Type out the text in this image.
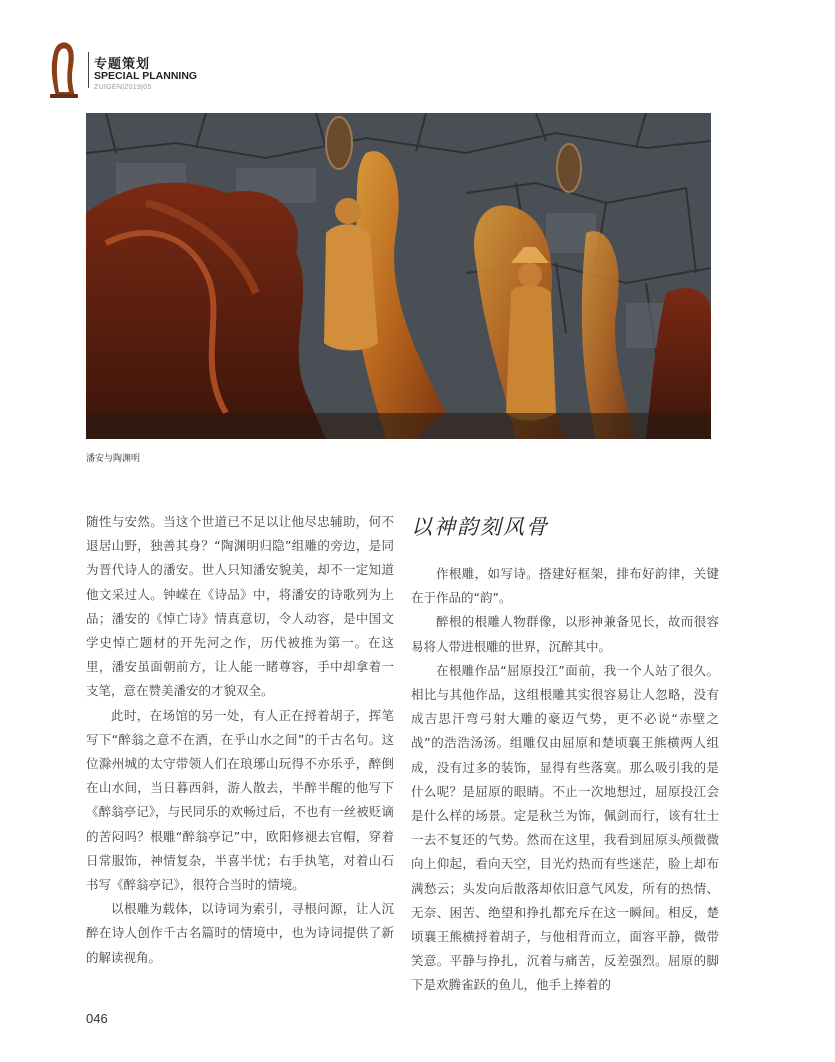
专题策划
SPECIAL PLANNING
ZUIGEN|2019|05
潘安与陶渊明

随性与安然。当这个世道已不足以让他尽忠辅助，何不退居山野，独善其身？“陶渊明归隐”组雕的旁边，是同为晋代诗人的潘安。世人只知潘安貌美，却不一定知道他文采过人。钟嵘在《诗品》中，将潘安的诗歌列为上品；潘安的《悼亡诗》情真意切，令人动容，是中国文学史悼亡题材的开先河之作，历代被推为第一。在这里，潘安虽面朝前方，让人能一睹尊容，手中却拿着一支笔，意在赞美潘安的才貌双全。

此时，在场馆的另一处，有人正在捋着胡子，挥笔写下“醉翁之意不在酒，在乎山水之间”的千古名句。这位滁州城的太守带领人们在琅琊山玩得不亦乐乎，醉倒在山水间，当日暮西斜，游人散去，半醉半醒的他写下《醉翁亭记》，与民同乐的欢畅过后，不也有一丝被贬谪的苦闷吗？根雕“醉翁亭记”中，欧阳修褪去官帽，穿着日常服饰，神情复杂，半喜半忧；右手执笔，对着山石书写《醉翁亭记》，很符合当时的情境。

以根雕为载体，以诗词为索引，寻根问源，让人沉醉在诗人创作千古名篇时的情境中，也为诗词提供了新的解读视角。

以神韵刻风骨

作根雕，如写诗。搭建好框架，排布好韵律，关键在于作品的“韵”。

醉根的根雕人物群像，以形神兼备见长，故而很容易将人带进根雕的世界，沉醉其中。

在根雕作品“屈原投江”面前，我一个人站了很久。相比与其他作品，这组根雕其实很容易让人忽略，没有成吉思汗弯弓射大雕的豪迈气势，更不必说“赤壁之战”的浩浩汤汤。组雕仅由屈原和楚顷襄王熊横两人组成，没有过多的装饰，显得有些落寞。那么吸引我的是什么呢？是屈原的眼睛。不止一次地想过，屈原投江会是什么样的场景。定是秋兰为饰，佩剑而行，该有壮士一去不复还的气势。然而在这里，我看到屈原头颅微微向上仰起，看向天空，目光灼热而有些迷茫，脸上却布满愁云；头发向后散落却依旧意气风发，所有的热情、无奈、困苦、绝望和挣扎都充斥在这一瞬间。相反，楚顷襄王熊横捋着胡子，与他相背而立，面容平静，微带笑意。平静与挣扎，沉着与痛苦，反差强烈。屈原的脚下是欢腾雀跃的鱼儿，他手上捧着的

046
